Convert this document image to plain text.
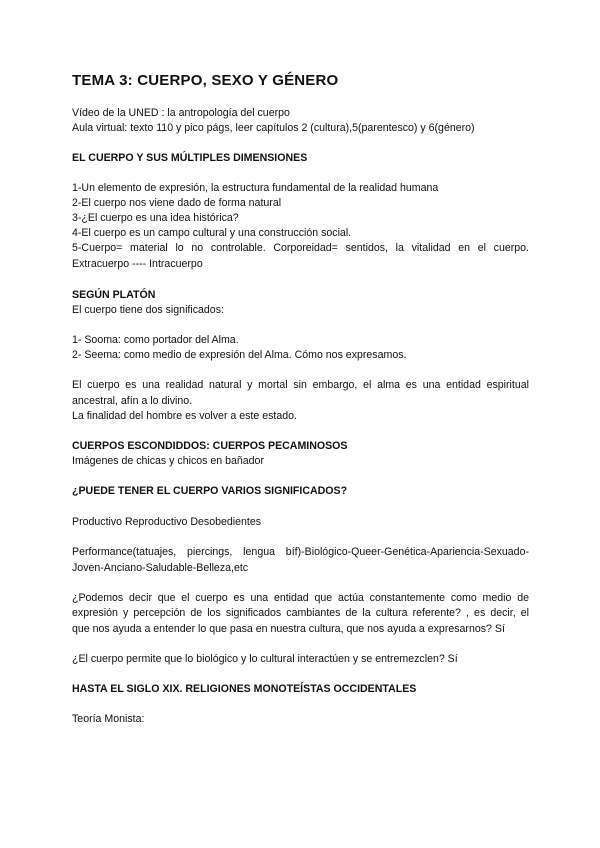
TEMA 3: CUERPO, SEXO Y GÉNERO
Vídeo de la UNED : la antropología del cuerpo
Aula virtual: texto 110 y pico págs, leer capítulos 2 (cultura),5(parentesco) y 6(género)
EL CUERPO Y SUS MÚLTIPLES DIMENSIONES
1-Un elemento de expresión, la estructura fundamental de la realidad humana
2-El cuerpo nos viene dado de forma natural
3-¿El cuerpo es una idea histórica?
4-El cuerpo es un campo cultural y una construcción social.
5-Cuerpo= material lo no controlable. Corporeidad= sentidos, la vitalidad en el cuerpo.
Extracuerpo ---- Intracuerpo
SEGÚN PLATÓN
El cuerpo tiene dos significados:
1- Sooma: como portador del Alma.
2- Seema: como medio de expresión del Alma. Cómo nos expresamos.
El cuerpo es una realidad natural y mortal sin embargo, el alma es una entidad espiritual
ancestral, afín a lo divino.
La finalidad del hombre es volver a este estado.
CUERPOS ESCONDIDDOS: CUERPOS PECAMINOSOS
Imágenes de chicas y chicos en bañador
¿PUEDE TENER EL CUERPO VARIOS SIGNIFICADOS?
Productivo Reproductivo Desobedientes
Performance(tatuajes, piercings, lengua bíf)-Biológico-Queer-Genética-Apariencia-Sexuado-
Joven-Anciano-Saludable-Belleza,etc
¿Podemos decir que el cuerpo es una entidad que actúa constantemente como medio de
expresión y percepción de los significados cambiantes de la cultura referente? , es decir, el
que nos ayuda a entender lo que pasa en nuestra cultura, que nos ayuda a expresarnos? Sí
¿El cuerpo permite que lo biológico y lo cultural interactúen y se entremezclen? Sí
HASTA EL SIGLO XIX. RELIGIONES MONOTEÍSTAS OCCIDENTALES
Teoría Monista:
